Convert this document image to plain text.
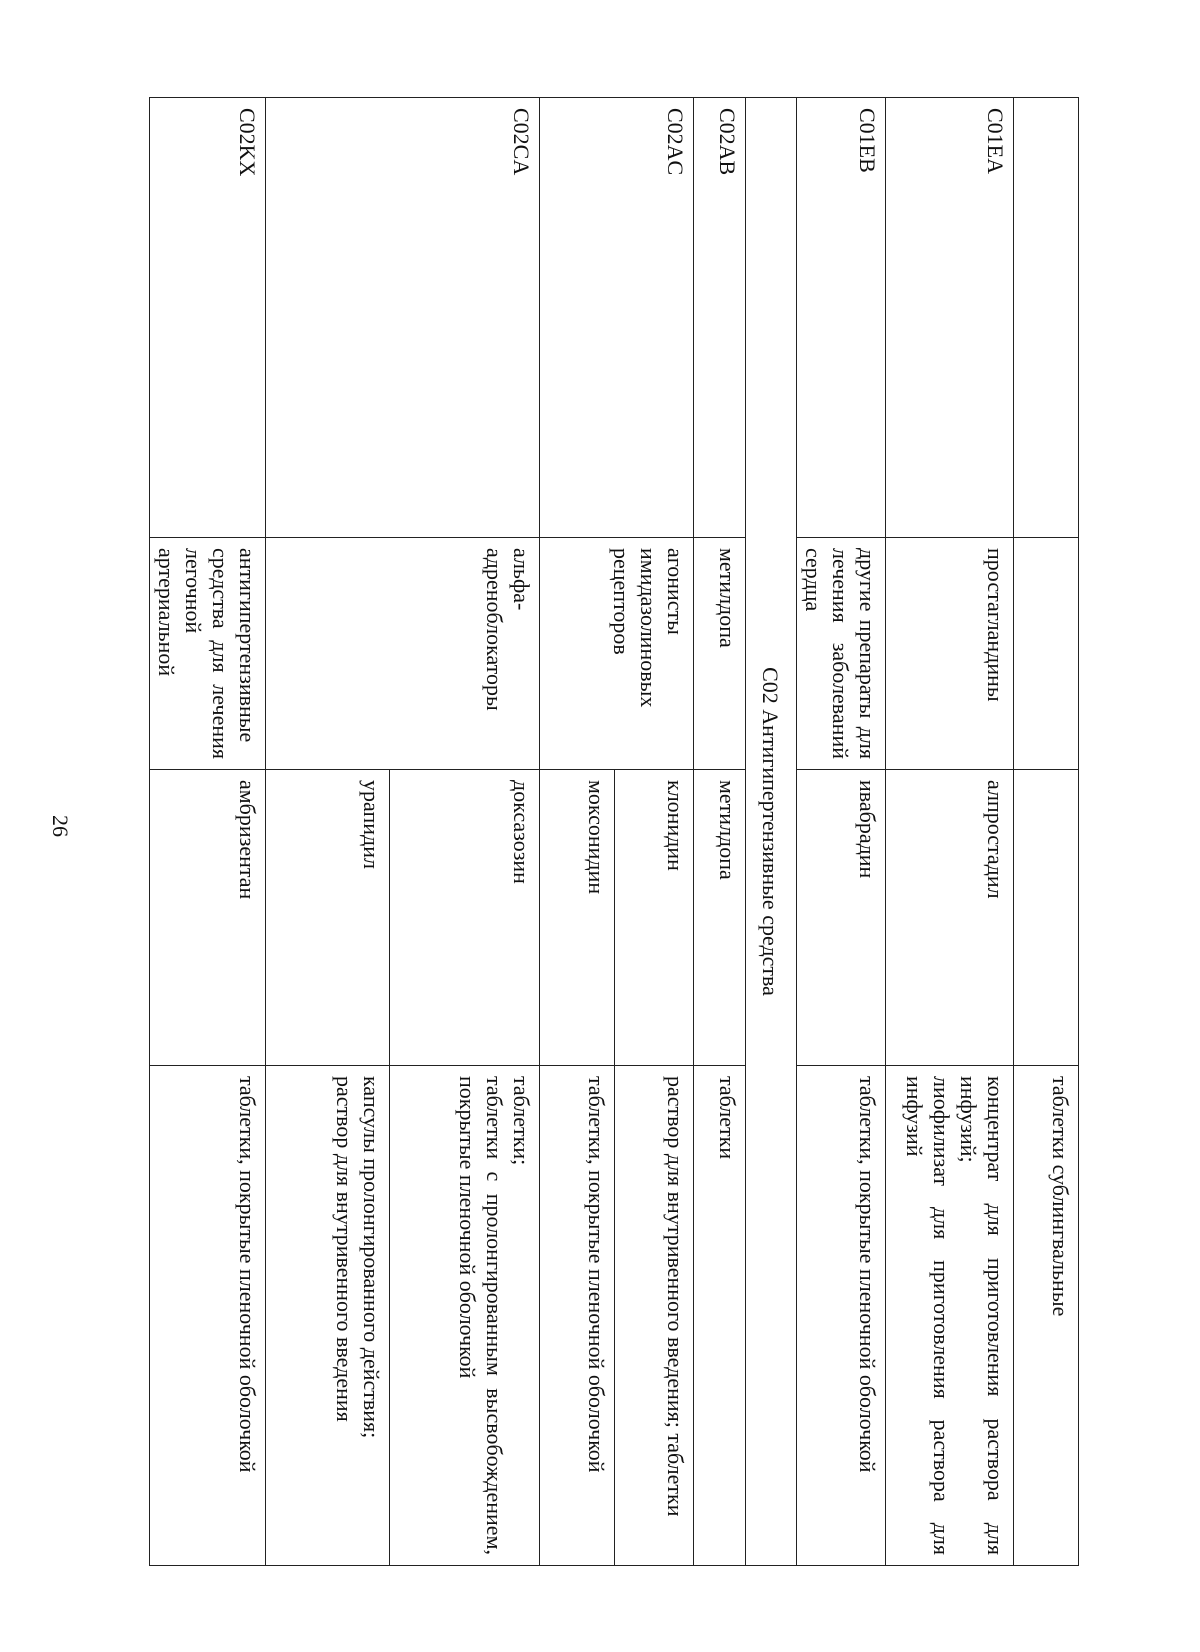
26
			таблетки сублингвальные
C01EA	простагландины	алпростадил	концентрат для приготовления раствора для инфузий;
лиофилизат для приготовления раствора для инфузий
C01EB	другие препараты для лечения заболеваний сердца	ивабрадин	таблетки, покрытые пленочной оболочкой
C02 Антигипертензивные средства			
C02AB	метилдопа	метилдопа	таблетки
C02AC	агонисты имидазолиновых рецепторов	клонидин	раствор для внутривенного введения; таблетки
		моксонидин	таблетки, покрытые пленочной оболочкой
C02CA	альфа-адреноблокаторы	доксазозин	таблетки;
таблетки с пролонгированным высвобождением, покрытые пленочной оболочкой
		урапидил	капсулы пролонгированного действия;
раствор для внутривенного введения
C02KX	антигипертензивные средства для лечения легочной артериальной	амбризентан	таблетки, покрытые пленочной оболочкой
